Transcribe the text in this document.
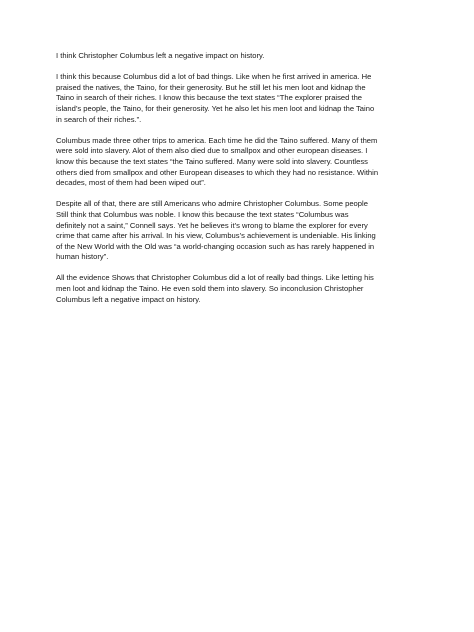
I think Christopher Columbus left a negative impact on history.

I think this because Columbus did a lot of bad things. Like when he first arrived in america. He
praised the natives, the Taino, for their generosity. But he still let his men loot and kidnap the
Taino in search of their riches. I know this because the text states “The explorer praised the
island’s people, the Taino, for their generosity. Yet he also let his men loot and kidnap the Taino
in search of their riches.”.

Columbus made three other trips to america. Each time he did the Taino suffered. Many of them
were sold into slavery. Alot of them also died due to smallpox and other european diseases. I
know this because the text states “the Taino suffered. Many were sold into slavery. Countless
others died from smallpox and other European diseases to which they had no resistance. Within
decades, most of them had been wiped out”.

Despite all of that, there are still Americans who admire Christopher Columbus. Some people
Still think that Columbus was noble. I know this because the text states “Columbus was
definitely not a saint,” Connell says. Yet he believes it’s wrong to blame the explorer for every
crime that came after his arrival. In his view, Columbus’s achievement is undeniable. His linking
of the New World with the Old was “a world-changing occasion such as has rarely happened in
human history”.

All the evidence Shows that Christopher Columbus did a lot of really bad things. Like letting his
men loot and kidnap the Taino. He even sold them into slavery. So inconclusion Christopher
Columbus left a negative impact on history.
